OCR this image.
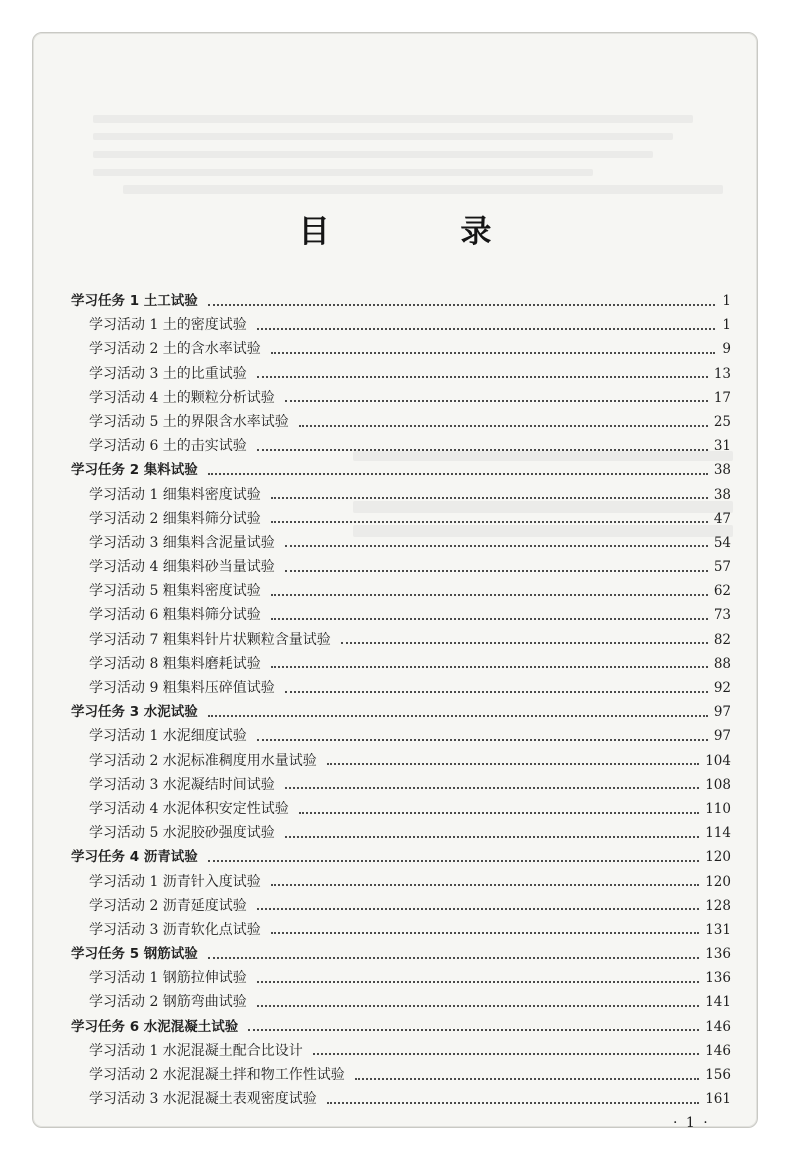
目 录
学习任务 1 土工试验	1
学习活动 1 土的密度试验	1
学习活动 2 土的含水率试验	9
学习活动 3 土的比重试验	13
学习活动 4 土的颗粒分析试验	17
学习活动 5 土的界限含水率试验	25
学习活动 6 土的击实试验	31
学习任务 2 集料试验	38
学习活动 1 细集料密度试验	38
学习活动 2 细集料筛分试验	47
学习活动 3 细集料含泥量试验	54
学习活动 4 细集料砂当量试验	57
学习活动 5 粗集料密度试验	62
学习活动 6 粗集料筛分试验	73
学习活动 7 粗集料针片状颗粒含量试验	82
学习活动 8 粗集料磨耗试验	88
学习活动 9 粗集料压碎值试验	92
学习任务 3 水泥试验	97
学习活动 1 水泥细度试验	97
学习活动 2 水泥标准稠度用水量试验	104
学习活动 3 水泥凝结时间试验	108
学习活动 4 水泥体积安定性试验	110
学习活动 5 水泥胶砂强度试验	114
学习任务 4 沥青试验	120
学习活动 1 沥青针入度试验	120
学习活动 2 沥青延度试验	128
学习活动 3 沥青软化点试验	131
学习任务 5 钢筋试验	136
学习活动 1 钢筋拉伸试验	136
学习活动 2 钢筋弯曲试验	141
学习任务 6 水泥混凝土试验	146
学习活动 1 水泥混凝土配合比设计	146
学习活动 2 水泥混凝土拌和物工作性试验	156
学习活动 3 水泥混凝土表观密度试验	161
· 1 ·
